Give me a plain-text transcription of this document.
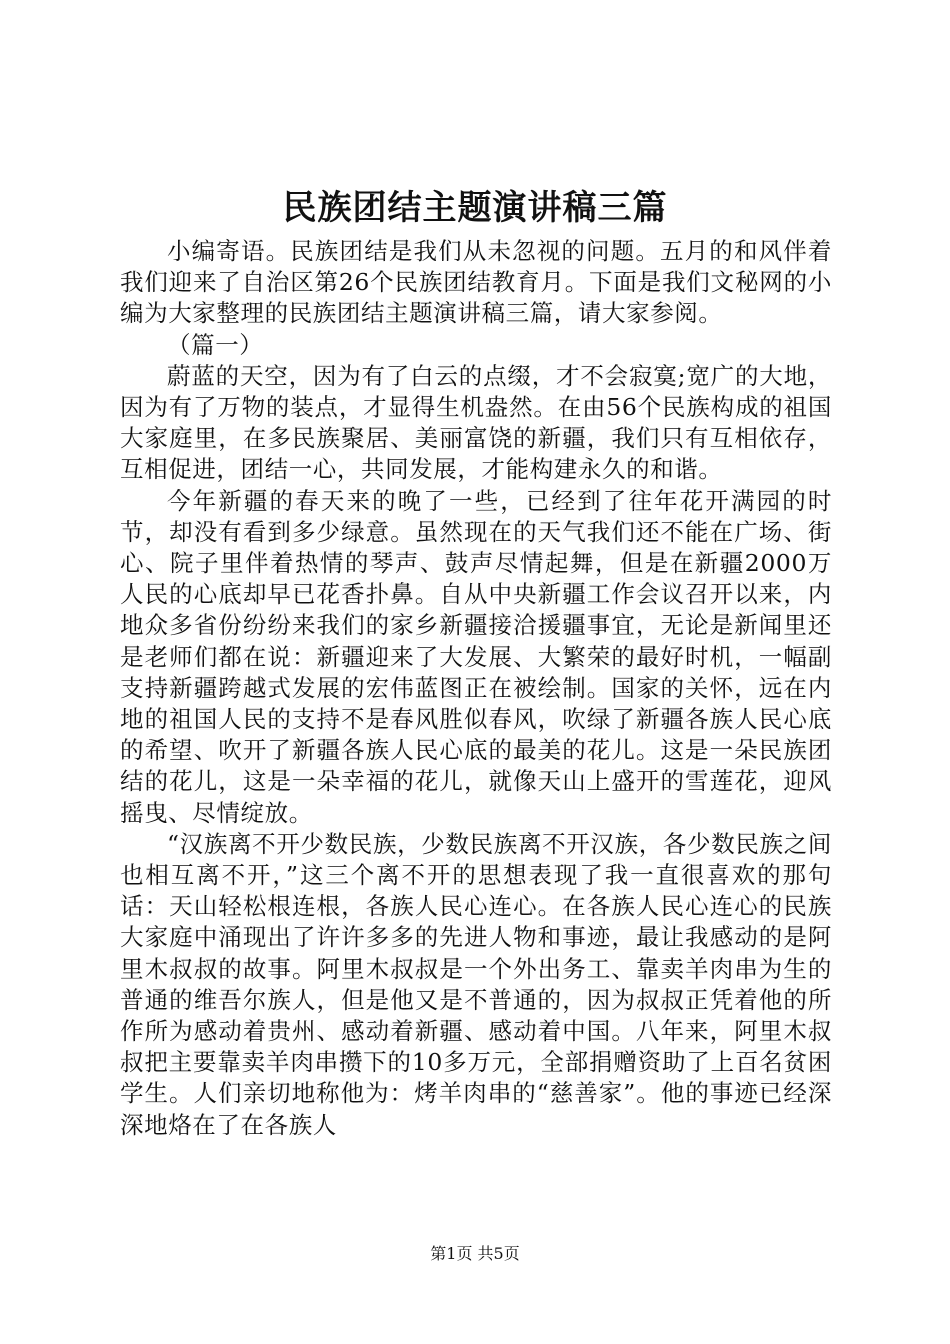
民族团结主题演讲稿三篇

小编寄语。民族团结是我们从未忽视的问题。五月的和风伴着我们迎来了自治区第26个民族团结教育月。下面是我们文秘网的小编为大家整理的民族团结主题演讲稿三篇，请大家参阅。

（篇一）

蔚蓝的天空，因为有了白云的点缀，才不会寂寞;宽广的大地，因为有了万物的装点，才显得生机盎然。在由56个民族构成的祖国大家庭里，在多民族聚居、美丽富饶的新疆，我们只有互相依存，互相促进，团结一心，共同发展，才能构建永久的和谐。

今年新疆的春天来的晚了一些，已经到了往年花开满园的时节，却没有看到多少绿意。虽然现在的天气我们还不能在广场、街心、院子里伴着热情的琴声、鼓声尽情起舞，但是在新疆2000万人民的心底却早已花香扑鼻。自从中央新疆工作会议召开以来，内地众多省份纷纷来我们的家乡新疆接洽援疆事宜，无论是新闻里还是老师们都在说：新疆迎来了大发展、大繁荣的最好时机，一幅副支持新疆跨越式发展的宏伟蓝图正在被绘制。国家的关怀，远在内地的祖国人民的支持不是春风胜似春风，吹绿了新疆各族人民心底的希望、吹开了新疆各族人民心底的最美的花儿。这是一朵民族团结的花儿，这是一朵幸福的花儿，就像天山上盛开的雪莲花，迎风摇曳、尽情绽放。

“汉族离不开少数民族，少数民族离不开汉族，各少数民族之间也相互离不开，”这三个离不开的思想表现了我一直很喜欢的那句话：天山轻松根连根，各族人民心连心。在各族人民心连心的民族大家庭中涌现出了许许多多的先进人物和事迹，最让我感动的是阿里木叔叔的故事。阿里木叔叔是一个外出务工、靠卖羊肉串为生的普通的维吾尔族人，但是他又是不普通的，因为叔叔正凭着他的所作所为感动着贵州、感动着新疆、感动着中国。八年来，阿里木叔叔把主要靠卖羊肉串攒下的10多万元，全部捐赠资助了上百名贫困学生。人们亲切地称他为：烤羊肉串的“慈善家”。他的事迹已经深深地烙在了在各族人

第1页 共5页
